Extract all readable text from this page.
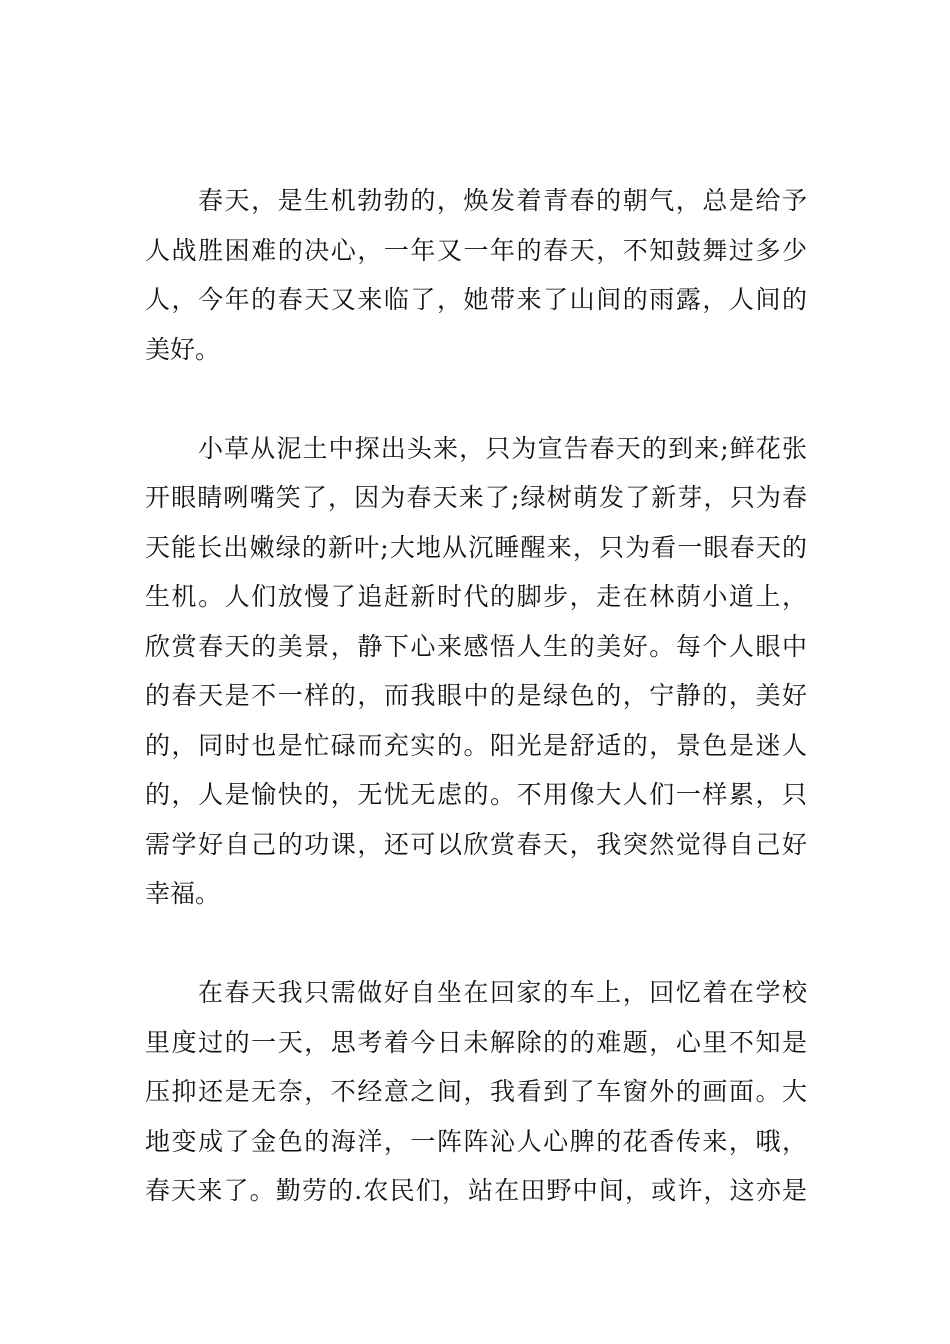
春天，是生机勃勃的，焕发着青春的朝气，总是给予
人战胜困难的决心，一年又一年的春天，不知鼓舞过多少
人，今年的春天又来临了，她带来了山间的雨露，人间的
美好。
小草从泥土中探出头来，只为宣告春天的到来;鲜花张
开眼睛咧嘴笑了，因为春天来了;绿树萌发了新芽，只为春
天能长出嫩绿的新叶;大地从沉睡醒来，只为看一眼春天的
生机。人们放慢了追赶新时代的脚步，走在林荫小道上，
欣赏春天的美景，静下心来感悟人生的美好。每个人眼中
的春天是不一样的，而我眼中的是绿色的，宁静的，美好
的，同时也是忙碌而充实的。阳光是舒适的，景色是迷人
的，人是愉快的，无忧无虑的。不用像大人们一样累，只
需学好自己的功课，还可以欣赏春天，我突然觉得自己好
幸福。
在春天我只需做好自坐在回家的车上，回忆着在学校
里度过的一天，思考着今日未解除的的难题，心里不知是
压抑还是无奈，不经意之间，我看到了车窗外的画面。大
地变成了金色的海洋，一阵阵沁人心脾的花香传来，哦，
春天来了。勤劳的.农民们，站在田野中间，或许，这亦是
